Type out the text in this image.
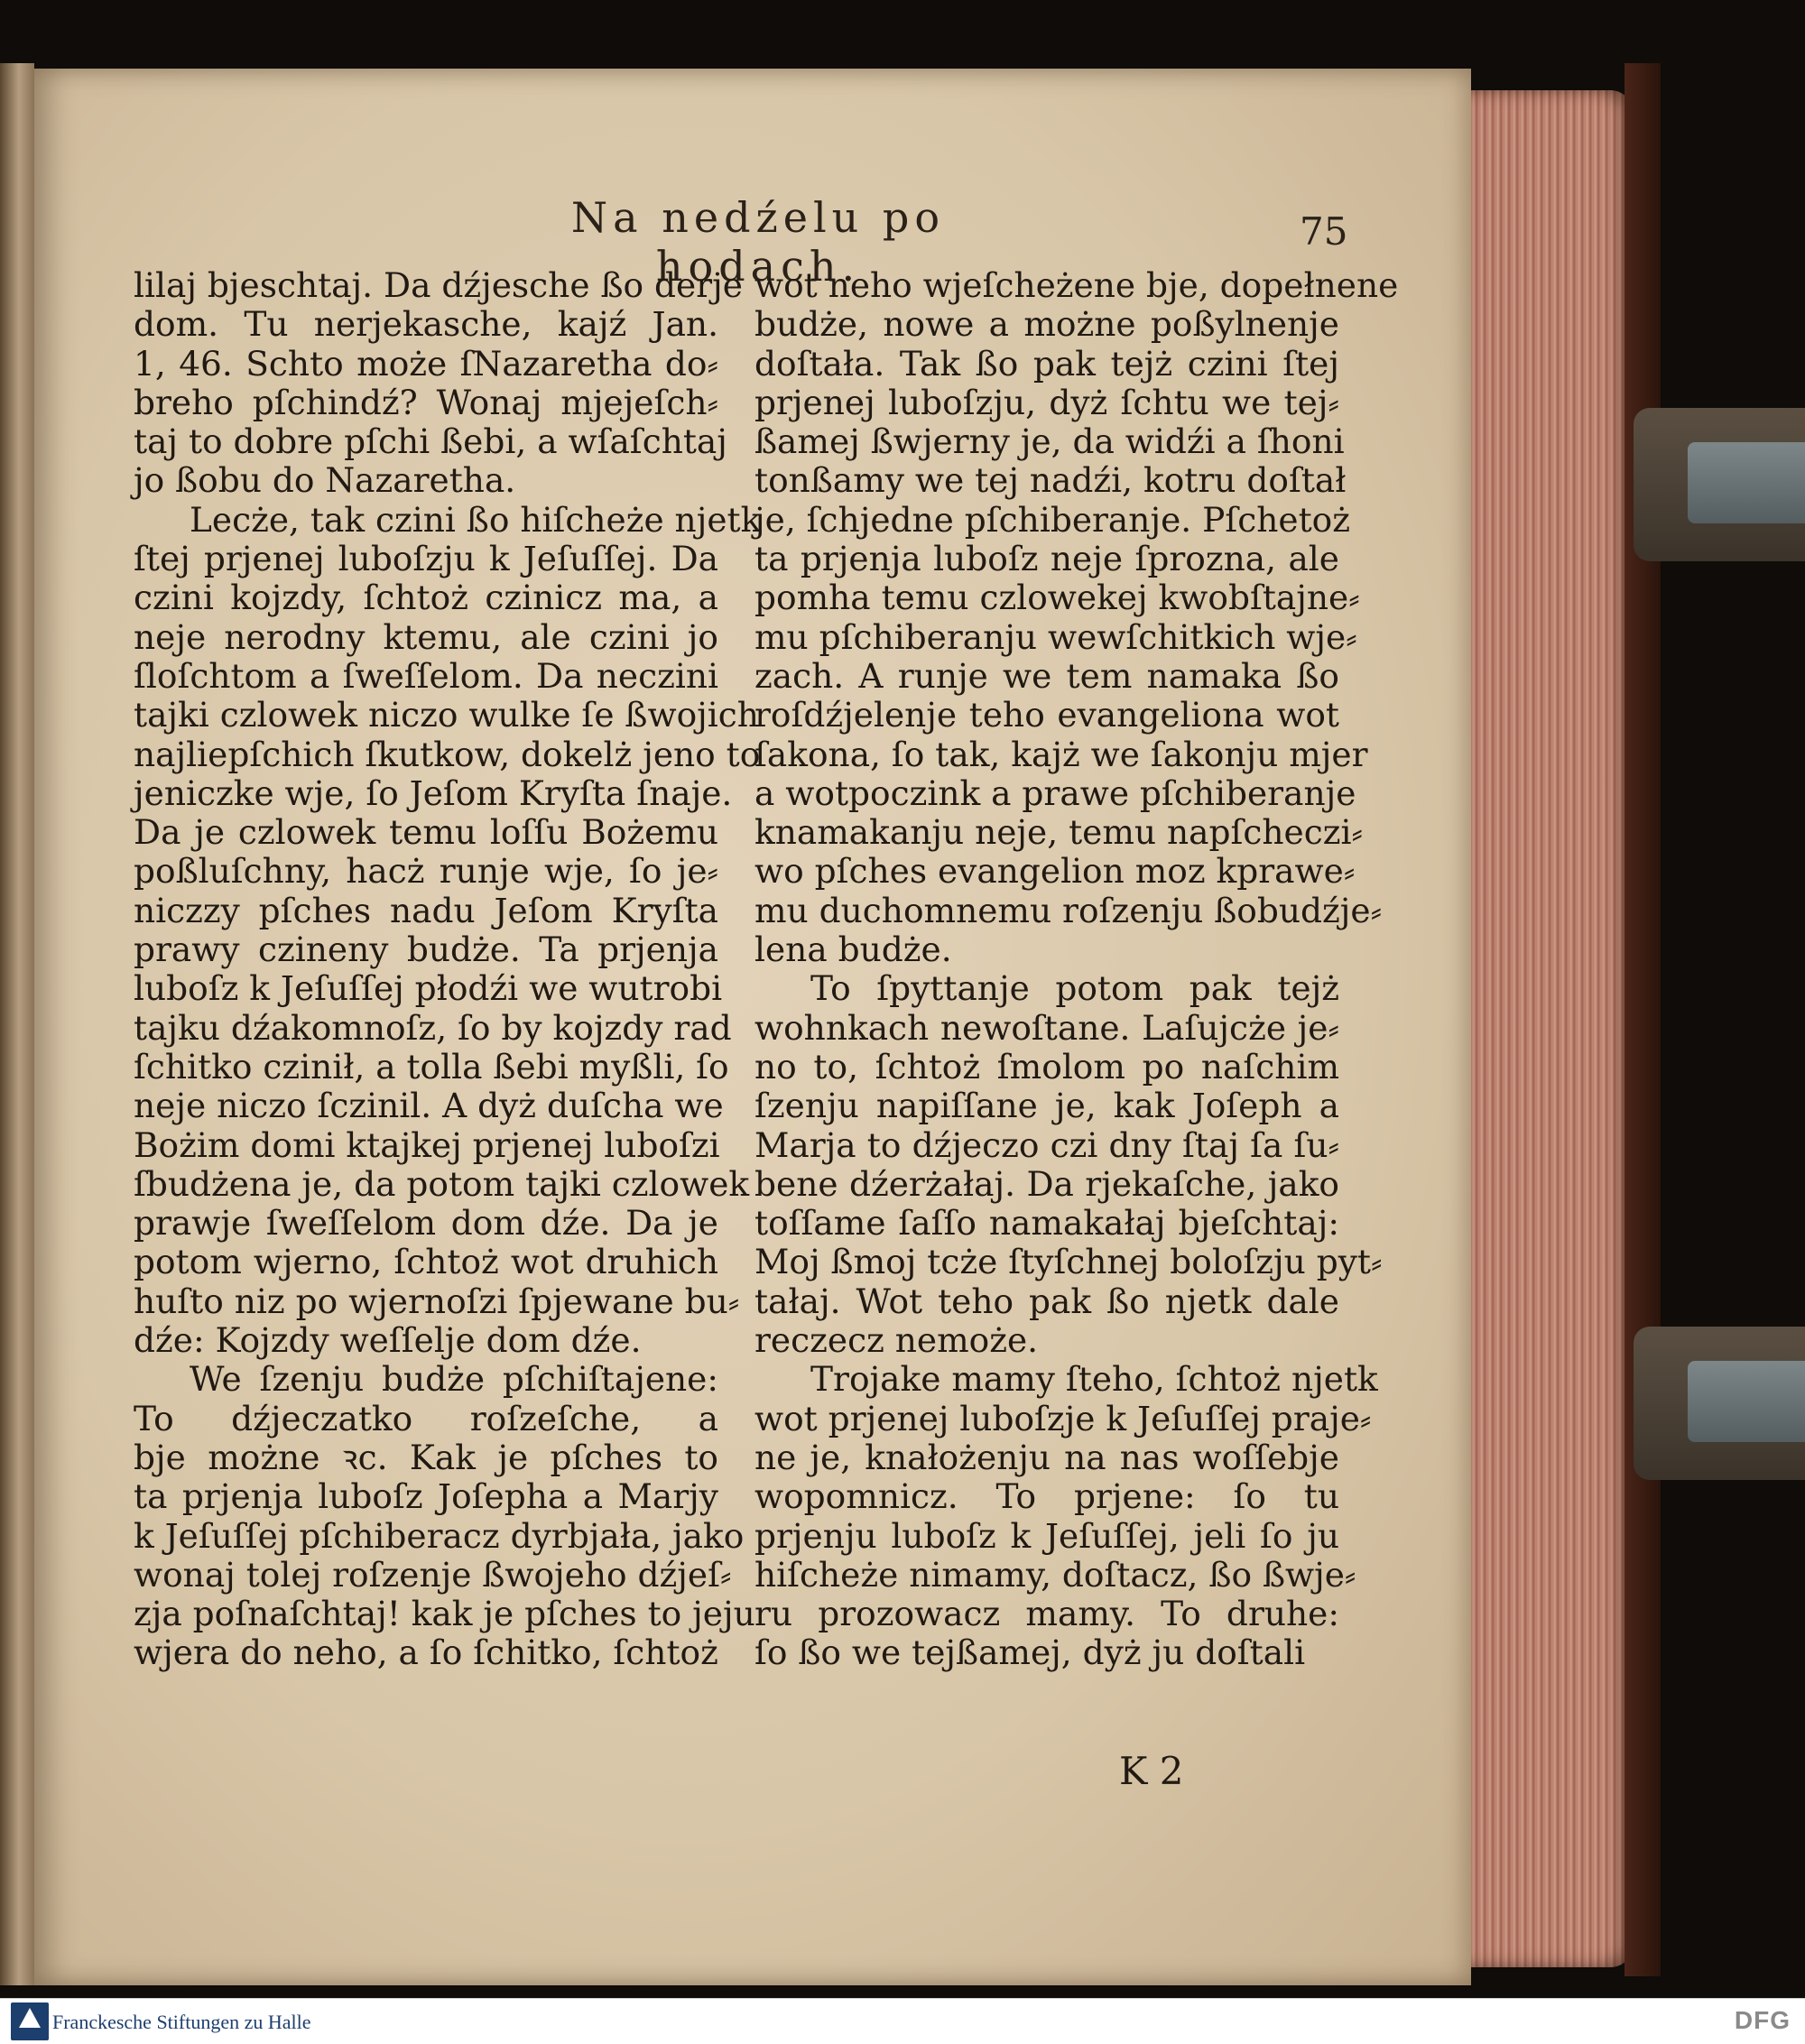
Na nedźelu po hodach.
75
lilaj bjeschtaj. Da dźjesche ßo derje
dom. Tu nerjekasche, kajź Jan.
1, 46. Schto może ſNazaretha do⸗
breho pſchindź? Wonaj mjejeſch⸗
taj to dobre pſchi ßebi, a wſaſchtaj
jo ßobu do Nazaretha.
Lecże, tak czini ßo hiſcheże njetk
ſtej prjenej luboſzju k Jeſuſſej. Da
czini kojzdy, ſchtoż czinicz ma, a
neje nerodny ktemu, ale czini jo
ſloſchtom a ſweſſelom. Da neczini
tajki czlowek niczo wulke ſe ßwojich
najliepſchich ſkutkow, dokelż jeno to
jeniczke wje, ſo Jeſom Kryſta ſnaje.
Da je czlowek temu loſſu Bożemu
poßluſchny, hacż runje wje, ſo je⸗
niczzy pſches nadu Jeſom Kryſta
prawy czineny budże. Ta prjenja
luboſz k Jeſuſſej płodźi we wutrobi
tajku dźakomnoſz, ſo by kojzdy rad
ſchitko czinił, a tolla ßebi myßli, ſo
neje niczo ſczinil. A dyż duſcha we
Bożim domi ktajkej prjenej luboſzi
ſbudżena je, da potom tajki czlowek
prawje ſweſſelom dom dźe. Da je
potom wjerno, ſchtoż wot druhich
huſto niz po wjernoſzi ſpjewane bu⸗
dźe: Kojzdy weſſelje dom dźe.
We ſzenju budże pſchiſtajene:
To dźjeczatko roſzeſche, a
bje możne ꝛc. Kak je pſches to
ta prjenja luboſz Joſepha a Marjy
k Jeſuſſej pſchiberacz dyrbjała, jako
wonaj tolej roſzenje ßwojeho dźjeſ⸗
zja poſnaſchtaj! kak je pſches to jeju
wjera do neho, a ſo ſchitko, ſchtoż
wot neho wjeſcheżene bje, dopełnene
budże, nowe a możne poßylnenje
doſtała. Tak ßo pak tejż czini ſtej
prjenej luboſzju, dyż ſchtu we tej⸗
ßamej ßwjerny je, da widźi a ſhoni
tonßamy we tej nadźi, kotru doſtał
je, ſchjedne pſchiberanje. Pſchetoż
ta prjenja luboſz neje ſprozna, ale
pomha temu czlowekej kwobſtajne⸗
mu pſchiberanju wewſchitkich wje⸗
zach. A runje we tem namaka ßo
roſdźjelenje teho evangeliona wot
ſakona, ſo tak, kajż we ſakonju mjer
a wotpoczink a prawe pſchiberanje
knamakanju neje, temu napſcheczi⸗
wo pſches evangelion moz kprawe⸗
mu duchomnemu roſzenju ßobudźje⸗
lena budże.
To ſpyttanje potom pak tejż
wohnkach newoſtane. Laſujcże je⸗
no to, ſchtoż ſmolom po naſchim
ſzenju napiſſane je, kak Joſeph a
Marja to dźjeczo czi dny ſtaj ſa ſu⸗
bene dźerżałaj. Da rjekaſche, jako
toſſame ſaſſo namakałaj bjeſchtaj:
Moj ßmoj tcże ſtyſchnej boloſzju pyt⸗
tałaj. Wot teho pak ßo njetk dale
reczecz nemoże.
Trojake mamy ſteho, ſchtoż njetk
wot prjenej luboſzje k Jeſuſſej praje⸗
ne je, knałożenju na nas woſſebje
wopomnicz. To prjene: ſo tu
prjenju luboſz k Jeſuſſej, jeli ſo ju
hiſcheże nimamy, doſtacz, ßo ßwje⸗
ru prozowacz mamy. To druhe:
ſo ßo we tejßamej, dyż ju doſtali
K 2
Franckesche Stiftungen zu Halle	DFG
